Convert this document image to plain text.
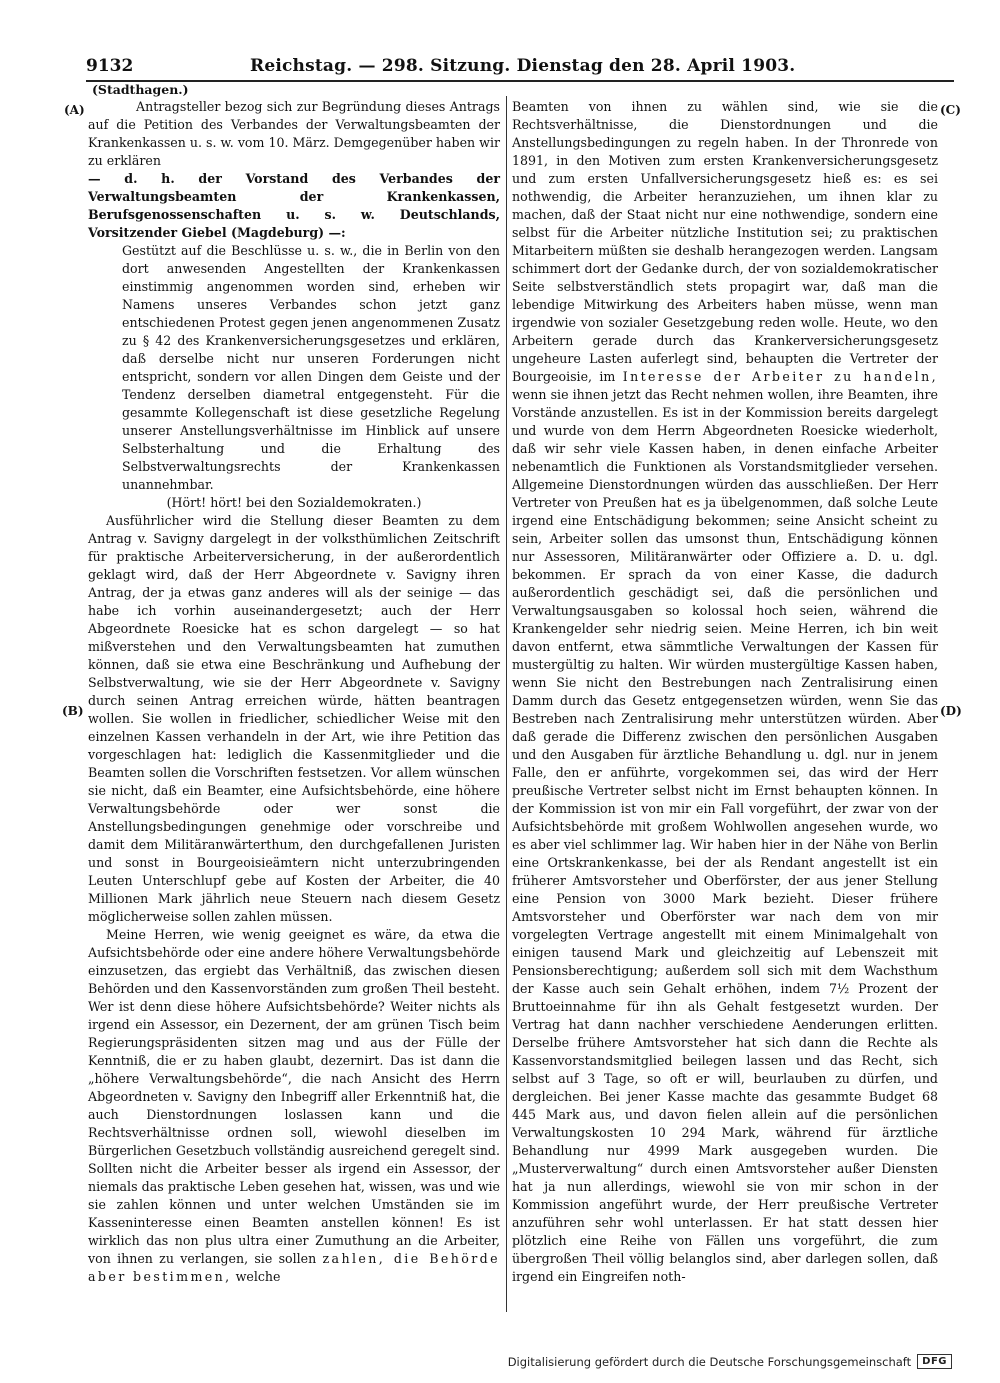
9132	Reichstag. — 298. Sitzung. Dienstag den 28. April 1903.
(Stadthagen.)
(A)
(B)
(C)
(D)

Antragsteller bezog sich zur Begründung dieses Antrags auf die Petition des Verbandes der Verwaltungsbeamten der Krankenkassen u. s. w. vom 10. März. Demgegenüber haben wir zu erklären

— d. h. der Vorstand des Verbandes der Verwaltungsbeamten der Krankenkassen, Berufsgenossenschaften u. s. w. Deutschlands, Vorsitzender Giebel (Magdeburg) —:

Gestützt auf die Beschlüsse u. s. w., die in Berlin von den dort anwesenden Angestellten der Krankenkassen einstimmig angenommen worden sind, erheben wir Namens unseres Verbandes schon jetzt ganz entschiedenen Protest gegen jenen angenommenen Zusatz zu § 42 des Krankenversicherungsgesetzes und erklären, daß derselbe nicht nur unseren Forderungen nicht entspricht, sondern vor allen Dingen dem Geiste und der Tendenz derselben diametral entgegensteht. Für die gesammte Kollegenschaft ist diese gesetzliche Regelung unserer Anstellungsverhältnisse im Hinblick auf unsere Selbsterhaltung und die Erhaltung des Selbstverwaltungsrechts der Krankenkassen unannehmbar.

(Hört! hört! bei den Sozialdemokraten.)

Ausführlicher wird die Stellung dieser Beamten zu dem Antrag v. Savigny dargelegt in der volksthümlichen Zeitschrift für praktische Arbeiterversicherung, in der außerordentlich geklagt wird, daß der Herr Abgeordnete v. Savigny ihren Antrag, der ja etwas ganz anderes will als der seinige — das habe ich vorhin auseinandergesetzt; auch der Herr Abgeordnete Roesicke hat es schon dargelegt — so hat mißverstehen und den Verwaltungsbeamten hat zumuthen können, daß sie etwa eine Beschränkung und Aufhebung der Selbstverwaltung, wie sie der Herr Abgeordnete v. Savigny durch seinen Antrag erreichen würde, hätten beantragen wollen. Sie wollen in friedlicher, schiedlicher Weise mit den einzelnen Kassen verhandeln in der Art, wie ihre Petition das vorgeschlagen hat: lediglich die Kassenmitglieder und die Beamten sollen die Vorschriften festsetzen. Vor allem wünschen sie nicht, daß ein Beamter, eine Aufsichtsbehörde, eine höhere Verwaltungsbehörde oder wer sonst die Anstellungsbedingungen genehmige oder vorschreibe und damit dem Militäranwärterthum, den durchgefallenen Juristen und sonst in Bourgeoisieämtern nicht unterzubringenden Leuten Unterschlupf gebe auf Kosten der Arbeiter, die 40 Millionen Mark jährlich neue Steuern nach diesem Gesetz möglicherweise sollen zahlen müssen.

Meine Herren, wie wenig geeignet es wäre, da etwa die Aufsichtsbehörde oder eine andere höhere Verwaltungsbehörde einzusetzen, das ergiebt das Verhältniß, das zwischen diesen Behörden und den Kassenvorständen zum großen Theil besteht. Wer ist denn diese höhere Aufsichtsbehörde? Weiter nichts als irgend ein Assessor, ein Dezernent, der am grünen Tisch beim Regierungspräsidenten sitzen mag und aus der Fülle der Kenntniß, die er zu haben glaubt, dezernirt. Das ist dann die „höhere Verwaltungsbehörde“, die nach Ansicht des Herrn Abgeordneten v. Savigny den Inbegriff aller Erkenntniß hat, die auch Dienstordnungen loslassen kann und die Rechtsverhältnisse ordnen soll, wiewohl dieselben im Bürgerlichen Gesetzbuch vollständig ausreichend geregelt sind. Sollten nicht die Arbeiter besser als irgend ein Assessor, der niemals das praktische Leben gesehen hat, wissen, was und wie sie zahlen können und unter welchen Umständen sie im Kasseninteresse einen Beamten anstellen können! Es ist wirklich das non plus ultra einer Zumuthung an die Arbeiter, von ihnen zu verlangen, sie sollen zahlen, die Behörde aber bestimmen, welche

Beamten von ihnen zu wählen sind, wie sie die Rechtsverhältnisse, die Dienstordnungen und die Anstellungsbedingungen zu regeln haben. In der Thronrede von 1891, in den Motiven zum ersten Krankenversicherungsgesetz und zum ersten Unfallversicherungsgesetz hieß es: es sei nothwendig, die Arbeiter heranzuziehen, um ihnen klar zu machen, daß der Staat nicht nur eine nothwendige, sondern eine selbst für die Arbeiter nützliche Institution sei; zu praktischen Mitarbeitern müßten sie deshalb herangezogen werden. Langsam schimmert dort der Gedanke durch, der von sozialdemokratischer Seite selbstverständlich stets propagirt war, daß man die lebendige Mitwirkung des Arbeiters haben müsse, wenn man irgendwie von sozialer Gesetzgebung reden wolle. Heute, wo den Arbeitern gerade durch das Krankerversicherungsgesetz ungeheure Lasten auferlegt sind, behaupten die Vertreter der Bourgeoisie, im Interesse der Arbeiter zu handeln, wenn sie ihnen jetzt das Recht nehmen wollen, ihre Beamten, ihre Vorstände anzustellen. Es ist in der Kommission bereits dargelegt und wurde von dem Herrn Abgeordneten Roesicke wiederholt, daß wir sehr viele Kassen haben, in denen einfache Arbeiter nebenamtlich die Funktionen als Vorstandsmitglieder versehen. Allgemeine Dienstordnungen würden das ausschließen. Der Herr Vertreter von Preußen hat es ja übelgenommen, daß solche Leute irgend eine Entschädigung bekommen; seine Ansicht scheint zu sein, Arbeiter sollen das umsonst thun, Entschädigung können nur Assessoren, Militäranwärter oder Offiziere a. D. u. dgl. bekommen. Er sprach da von einer Kasse, die dadurch außerordentlich geschädigt sei, daß die persönlichen und Verwaltungsausgaben so kolossal hoch seien, während die Krankengelder sehr niedrig seien. Meine Herren, ich bin weit davon entfernt, etwa sämmtliche Verwaltungen der Kassen für mustergültig zu halten. Wir würden mustergültige Kassen haben, wenn Sie nicht den Bestrebungen nach Zentralisirung einen Damm durch das Gesetz entgegensetzen würden, wenn Sie das Bestreben nach Zentralisirung mehr unterstützen würden. Aber daß gerade die Differenz zwischen den persönlichen Ausgaben und den Ausgaben für ärztliche Behandlung u. dgl. nur in jenem Falle, den er anführte, vorgekommen sei, das wird der Herr preußische Vertreter selbst nicht im Ernst behaupten können. In der Kommission ist von mir ein Fall vorgeführt, der zwar von der Aufsichtsbehörde mit großem Wohlwollen angesehen wurde, wo es aber viel schlimmer lag. Wir haben hier in der Nähe von Berlin eine Ortskrankenkasse, bei der als Rendant angestellt ist ein früherer Amtsvorsteher und Oberförster, der aus jener Stellung eine Pension von 3000 Mark bezieht. Dieser frühere Amtsvorsteher und Oberförster war nach dem von mir vorgelegten Vertrage angestellt mit einem Minimalgehalt von einigen tausend Mark und gleichzeitig auf Lebenszeit mit Pensionsberechtigung; außerdem soll sich mit dem Wachsthum der Kasse auch sein Gehalt erhöhen, indem 7½ Prozent der Bruttoeinnahme für ihn als Gehalt festgesetzt wurden. Der Vertrag hat dann nachher verschiedene Aenderungen erlitten. Derselbe frühere Amtsvorsteher hat sich dann die Rechte als Kassenvorstandsmitglied beilegen lassen und das Recht, sich selbst auf 3 Tage, so oft er will, beurlauben zu dürfen, und dergleichen. Bei jener Kasse machte das gesammte Budget 68 445 Mark aus, und davon fielen allein auf die persönlichen Verwaltungskosten 10 294 Mark, während für ärztliche Behandlung nur 4999 Mark ausgegeben wurden. Die „Musterverwaltung“ durch einen Amtsvorsteher außer Diensten hat ja nun allerdings, wiewohl sie von mir schon in der Kommission angeführt wurde, der Herr preußische Vertreter anzuführen sehr wohl unterlassen. Er hat statt dessen hier plötzlich eine Reihe von Fällen uns vorgeführt, die zum übergroßen Theil völlig belanglos sind, aber darlegen sollen, daß irgend ein Eingreifen noth-

Digitalisierung gefördert durch die Deutsche Forschungsgemeinschaft	DFG
